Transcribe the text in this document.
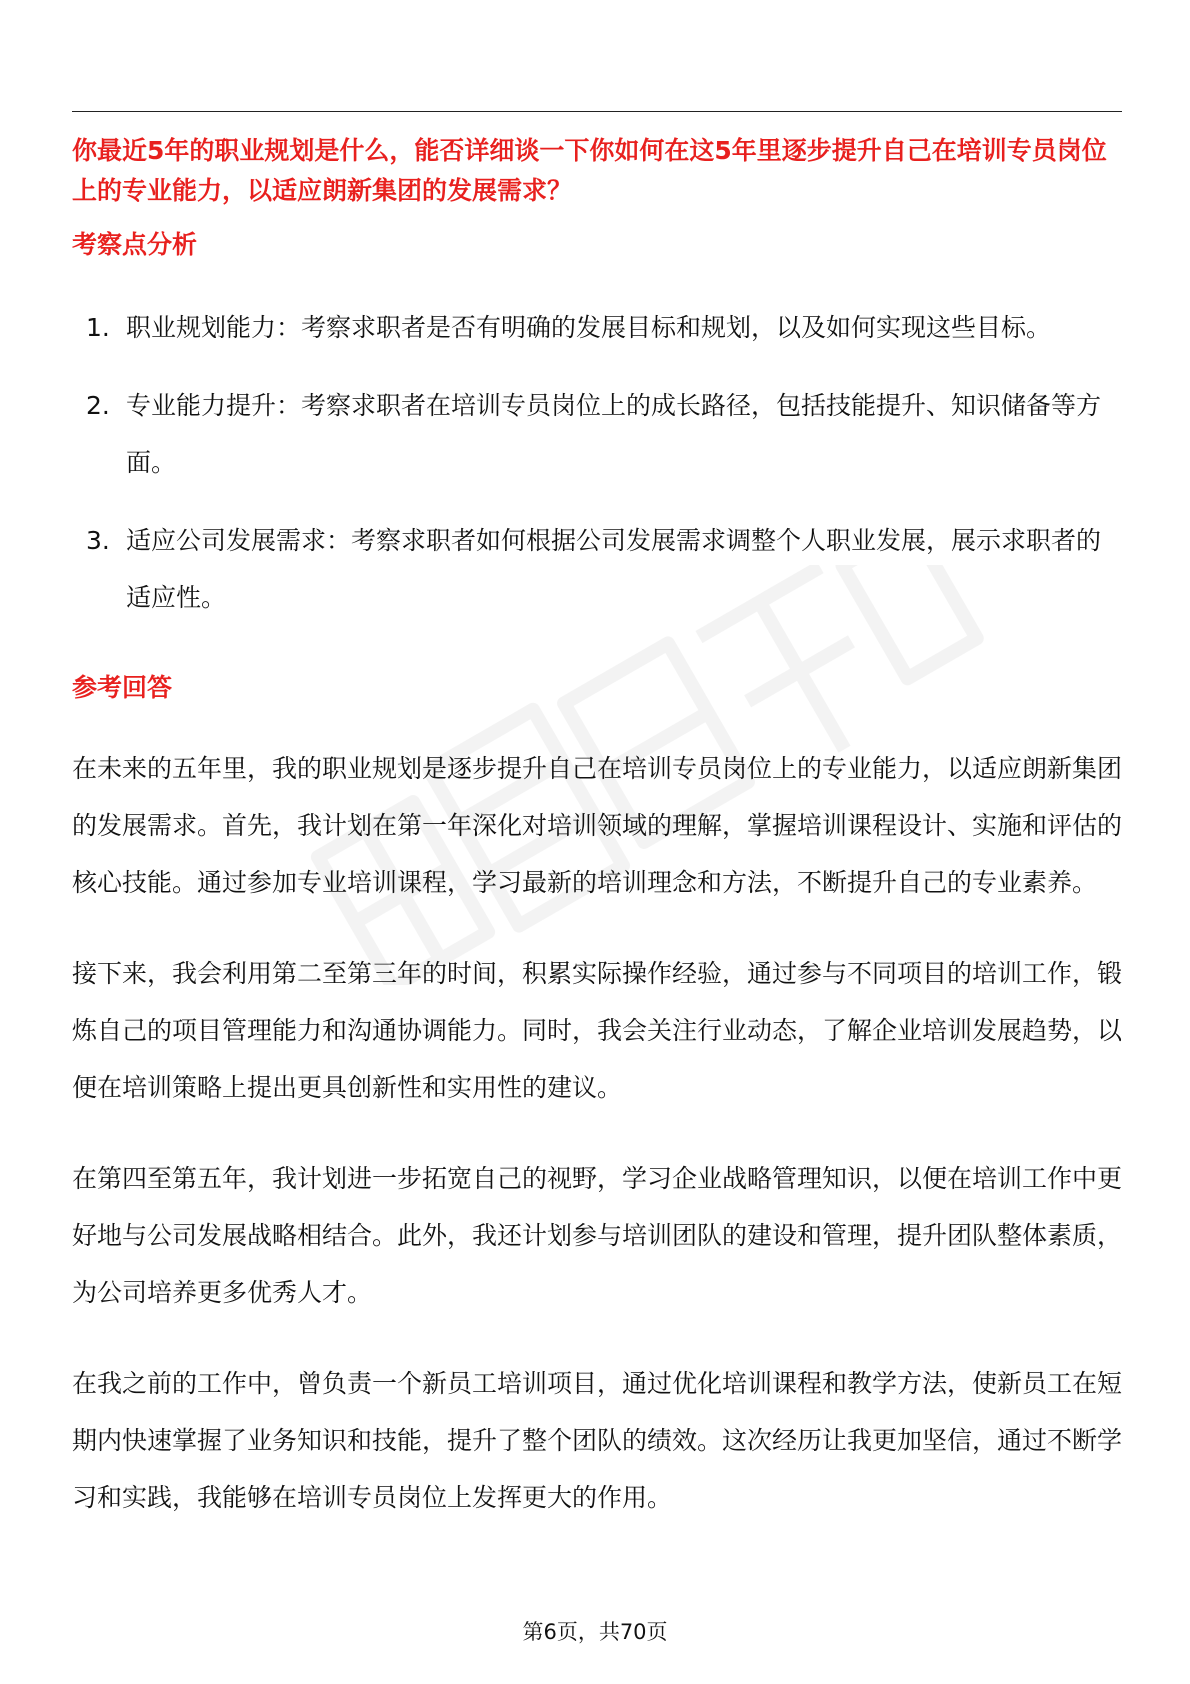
你最近5年的职业规划是什么，能否详细谈一下你如何在这5年里逐步提升自己在培训专员岗位上的专业能力，以适应朗新集团的发展需求？
考察点分析
1. 职业规划能力：考察求职者是否有明确的发展目标和规划，以及如何实现这些目标。
2. 专业能力提升：考察求职者在培训专员岗位上的成长路径，包括技能提升、知识储备等方面。
3. 适应公司发展需求：考察求职者如何根据公司发展需求调整个人职业发展，展示求职者的适应性。
参考回答

在未来的五年里，我的职业规划是逐步提升自己在培训专员岗位上的专业能力，以适应朗新集团的发展需求。首先，我计划在第一年深化对培训领域的理解，掌握培训课程设计、实施和评估的核心技能。通过参加专业培训课程，学习最新的培训理念和方法，不断提升自己的专业素养。

接下来，我会利用第二至第三年的时间，积累实际操作经验，通过参与不同项目的培训工作，锻炼自己的项目管理能力和沟通协调能力。同时，我会关注行业动态，了解企业培训发展趋势，以便在培训策略上提出更具创新性和实用性的建议。

在第四至第五年，我计划进一步拓宽自己的视野，学习企业战略管理知识，以便在培训工作中更好地与公司发展战略相结合。此外，我还计划参与培训团队的建设和管理，提升团队整体素质，为公司培养更多优秀人才。

在我之前的工作中，曾负责一个新员工培训项目，通过优化培训课程和教学方法，使新员工在短期内快速掌握了业务知识和技能，提升了整个团队的绩效。这次经历让我更加坚信，通过不断学习和实践，我能够在培训专员岗位上发挥更大的作用。

第6页，共70页
